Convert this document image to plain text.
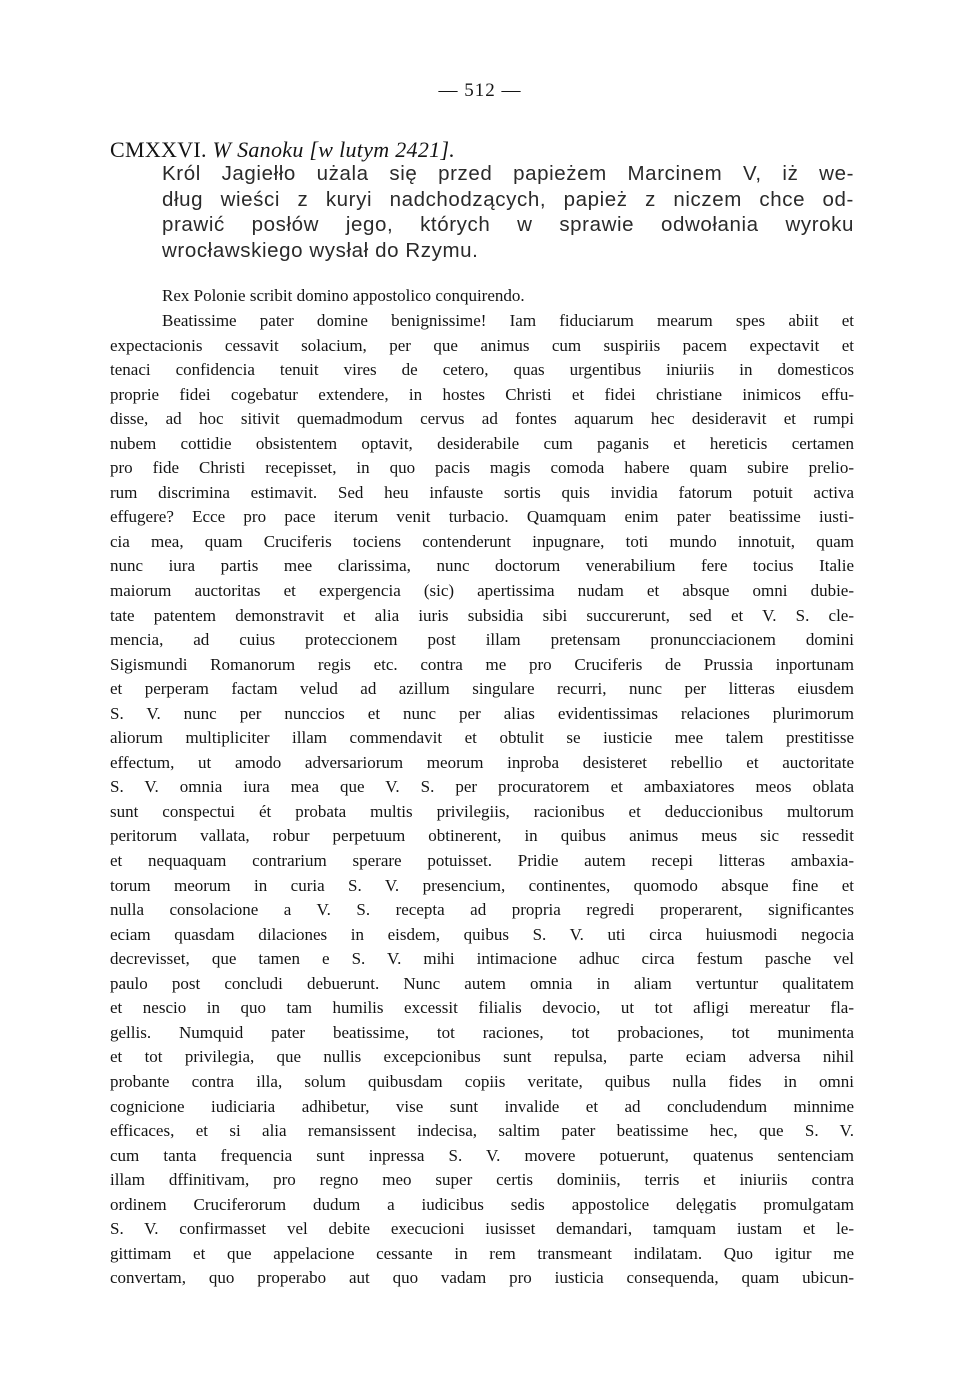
— 512 —
CMXXVI. W Sanoku [w lutym 2421].
Król Jagiełło użala się przed papieżem Marcinem V, iż we-
dług wieści z kuryi nadchodzących, papież z niczem chce od-
prawić posłów jego, których w sprawie odwołania wyroku
wrocławskiego wysłał do Rzymu.
Rex Polonie scribit domino appostolico conquirendo.
Beatissime pater domine benignissime! Iam fiduciarum mearum spes abiit et
expectacionis cessavit solacium, per que animus cum suspiriis pacem expectavit et
tenaci confidencia tenuit vires de cetero, quas urgentibus iniuriis in domesticos
proprie fidei cogebatur extendere, in hostes Christi et fidei christiane inimicos effu-
disse, ad hoc sitivit quemadmodum cervus ad fontes aquarum hec desideravit et rumpi
nubem cottidie obsistentem optavit, desiderabile cum paganis et hereticis certamen
pro fide Christi recepisset, in quo pacis magis comoda habere quam subire prelio-
rum discrimina estimavit. Sed heu infauste sortis quis invidia fatorum potuit activa
effugere? Ecce pro pace iterum venit turbacio. Quamquam enim pater beatissime iusti-
cia mea, quam Cruciferis tociens contenderunt inpugnare, toti mundo innotuit, quam
nunc iura partis mee clarissima, nunc doctorum venerabilium fere tocius Italie
maiorum auctoritas et expergencia (sic) apertissima nudam et absque omni dubie-
tate patentem demonstravit et alia iuris subsidia sibi succurerunt, sed et V. S. cle-
mencia, ad cuius proteccionem post illam pretensam pronuncciacionem domini
Sigismundi Romanorum regis etc. contra me pro Cruciferis de Prussia inportunam
et perperam factam velud ad azillum singulare recurri, nunc per litteras eiusdem
S. V. nunc per nunccios et nunc per alias evidentissimas relaciones plurimorum
aliorum multipliciter illam commendavit et obtulit se iusticie mee talem prestitisse
effectum, ut amodo adversariorum meorum inproba desisteret rebellio et auctoritate
S. V. omnia iura mea que V. S. per procuratorem et ambaxiatores meos oblata
sunt conspectui ét probata multis privilegiis, racionibus et deduccionibus multorum
peritorum vallata, robur perpetuum obtinerent, in quibus animus meus sic ressedit
et nequaquam contrarium sperare potuisset. Pridie autem recepi litteras ambaxia-
torum meorum in curia S. V. presencium, continentes, quomodo absque fine et
nulla consolacione a V. S. recepta ad propria regredi properarent, significantes
eciam quasdam dilaciones in eisdem, quibus S. V. uti circa huiusmodi negocia
decrevisset, que tamen e S. V. mihi intimacione adhuc circa festum pasche vel
paulo post concludi debuerunt. Nunc autem omnia in aliam vertuntur qualitatem
et nescio in quo tam humilis excessit filialis devocio, ut tot afligi mereatur fla-
gellis. Numquid pater beatissime, tot raciones, tot probaciones, tot munimenta
et tot privilegia, que nullis excepcionibus sunt repulsa, parte eciam adversa nihil
probante contra illa, solum quibusdam copiis veritate, quibus nulla fides in omni
cognicione iudiciaria adhibetur, vise sunt invalide et ad concludendum minnime
efficaces, et si alia remansissent indecisa, saltim pater beatissime hec, que S. V.
cum tanta frequencia sunt inpressa S. V. movere potuerunt, quatenus sentenciam
illam dffinitivam, pro regno meo super certis dominiis, terris et iniuriis contra
ordinem Cruciferorum dudum a iudicibus sedis appostolice delęgatis promulgatam
S. V. confirmasset vel debite execucioni iusisset demandari, tamquam iustam et le-
gittimam et que appelacione cessante in rem transmeant indilatam. Quo igitur me
convertam, quo properabo aut quo vadam pro iusticia consequenda, quam ubicun-
